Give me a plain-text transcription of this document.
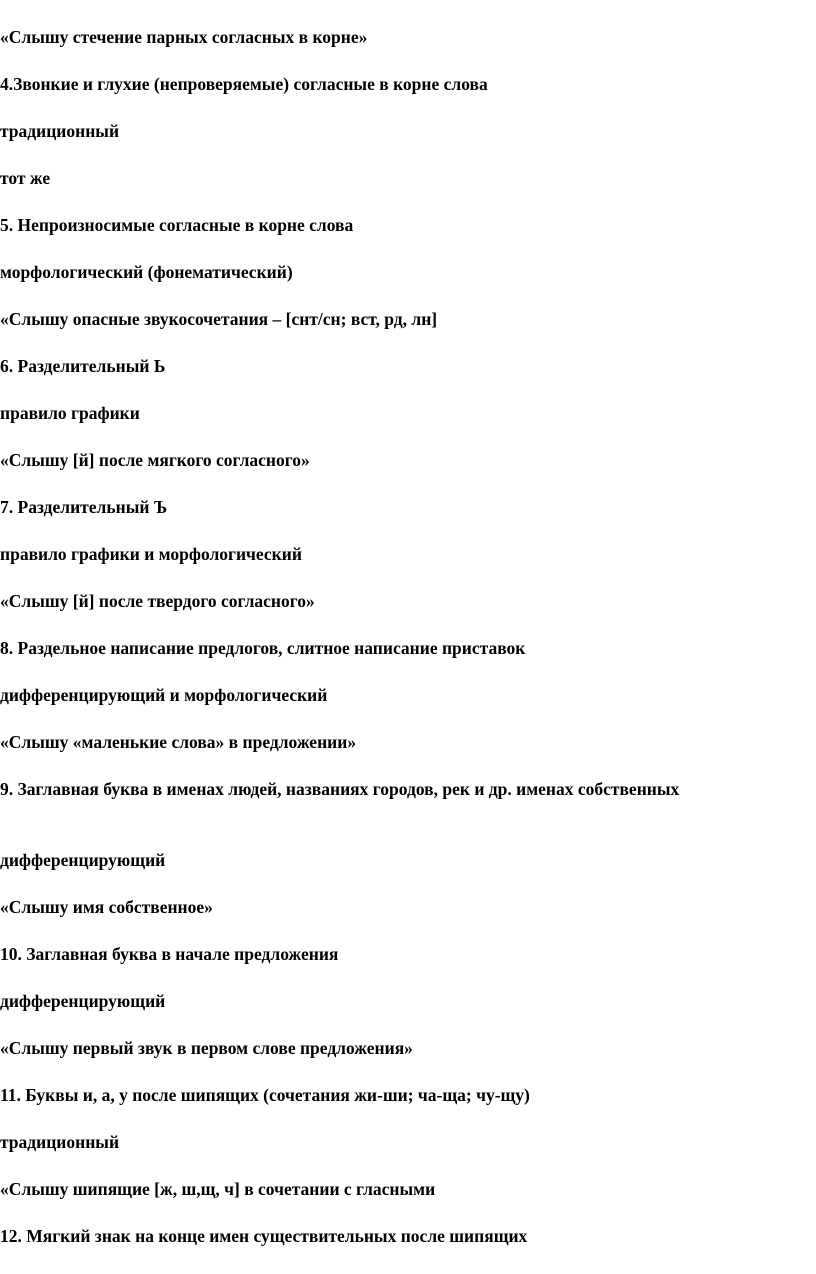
«Слышу стечение парных согласных в корне»
4.Звонкие и глухие (непроверяемые) согласные в корне слова
традиционный
тот же
5. Непроизносимые согласные в корне слова
морфологический (фонематический)
«Слышу опасные звукосочетания – [снт/сн; вст, рд, лн]
6. Разделительный Ь
правило графики
«Слышу [й] после мягкого согласного»
7. Разделительный Ъ
правило графики и морфологический
«Слышу [й] после твердого согласного»
8. Раздельное написание предлогов, слитное написание приставок
дифференцирующий и морфологический
«Слышу «маленькие слова» в предложении»
9. Заглавная буква в именах людей, названиях городов, рек и др. именах собственных
дифференцирующий
«Слышу имя собственное»
10. Заглавная буква в начале предложения
дифференцирующий
«Слышу первый звук в первом слове предложения»
11. Буквы и, а, у после шипящих (сочетания жи-ши; ча-ща; чу-щу)
традиционный
«Слышу шипящие [ж, ш,щ, ч] в сочетании с гласными
12. Мягкий знак на конце имен существительных после шипящих
